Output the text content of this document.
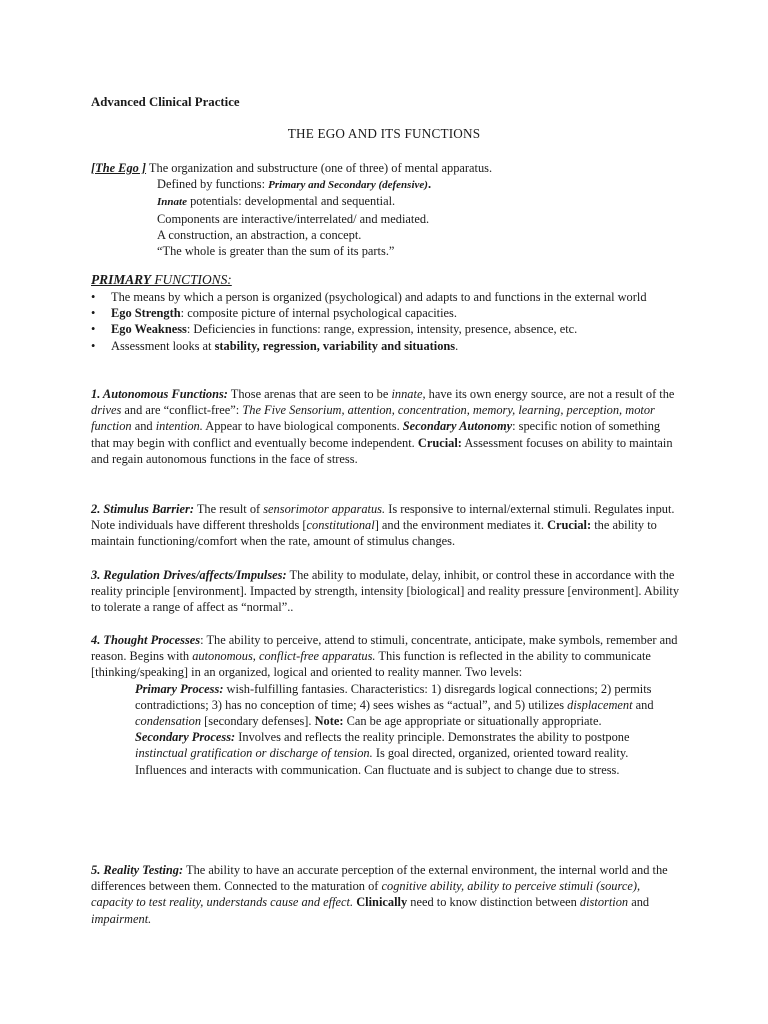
Advanced Clinical Practice
THE EGO AND ITS FUNCTIONS

[The Ego ] The organization and substructure (one of three) of mental apparatus.

Defined by functions: Primary and Secondary (defensive).

Innate potentials: developmental and sequential.

Components are interactive/interrelated/ and mediated.

A construction, an abstraction, a concept.

“The whole is greater than the sum of its parts.”

PRIMARY FUNCTIONS:
• The means by which a person is organized (psychological) and adapts to and functions in the external world
• Ego Strength: composite picture of internal psychological capacities.
• Ego Weakness: Deficiencies in functions: range, expression, intensity, presence, absence, etc.
• Assessment looks at stability, regression, variability and situations.

1. Autonomous Functions: Those arenas that are seen to be innate, have its own energy source, are not a result of the drives and are “conflict-free”: The Five Sensorium, attention, concentration, memory, learning, perception, motor function and intention. Appear to have biological components. Secondary Autonomy: specific notion of something that may begin with conflict and eventually become independent. Crucial: Assessment focuses on ability to maintain and regain autonomous functions in the face of stress.

2. Stimulus Barrier: The result of sensorimotor apparatus. Is responsive to internal/external stimuli. Regulates input. Note individuals have different thresholds [constitutional] and the environment mediates it. Crucial: the ability to maintain functioning/comfort when the rate, amount of stimulus changes.

3. Regulation Drives/affects/Impulses: The ability to modulate, delay, inhibit, or control these in accordance with the reality principle [environment]. Impacted by strength, intensity [biological] and reality pressure [environment]. Ability to tolerate a range of affect as “normal”..

4. Thought Processes: The ability to perceive, attend to stimuli, concentrate, anticipate, make symbols, remember and reason. Begins with autonomous, conflict-free apparatus. This function is reflected in the ability to communicate [thinking/speaking] in an organized, logical and oriented to reality manner. Two levels:

Primary Process: wish-fulfilling fantasies. Characteristics: 1) disregards logical connections; 2) permits contradictions; 3) has no conception of time; 4) sees wishes as “actual”, and 5) utilizes displacement and condensation [secondary defenses]. Note: Can be age appropriate or situationally appropriate.

Secondary Process: Involves and reflects the reality principle. Demonstrates the ability to postpone instinctual gratification or discharge of tension. Is goal directed, organized, oriented toward reality. Influences and interacts with communication. Can fluctuate and is subject to change due to stress.

5. Reality Testing: The ability to have an accurate perception of the external environment, the internal world and the differences between them. Connected to the maturation of cognitive ability, ability to perceive stimuli (source), capacity to test reality, understands cause and effect. Clinically need to know distinction between distortion and impairment.
